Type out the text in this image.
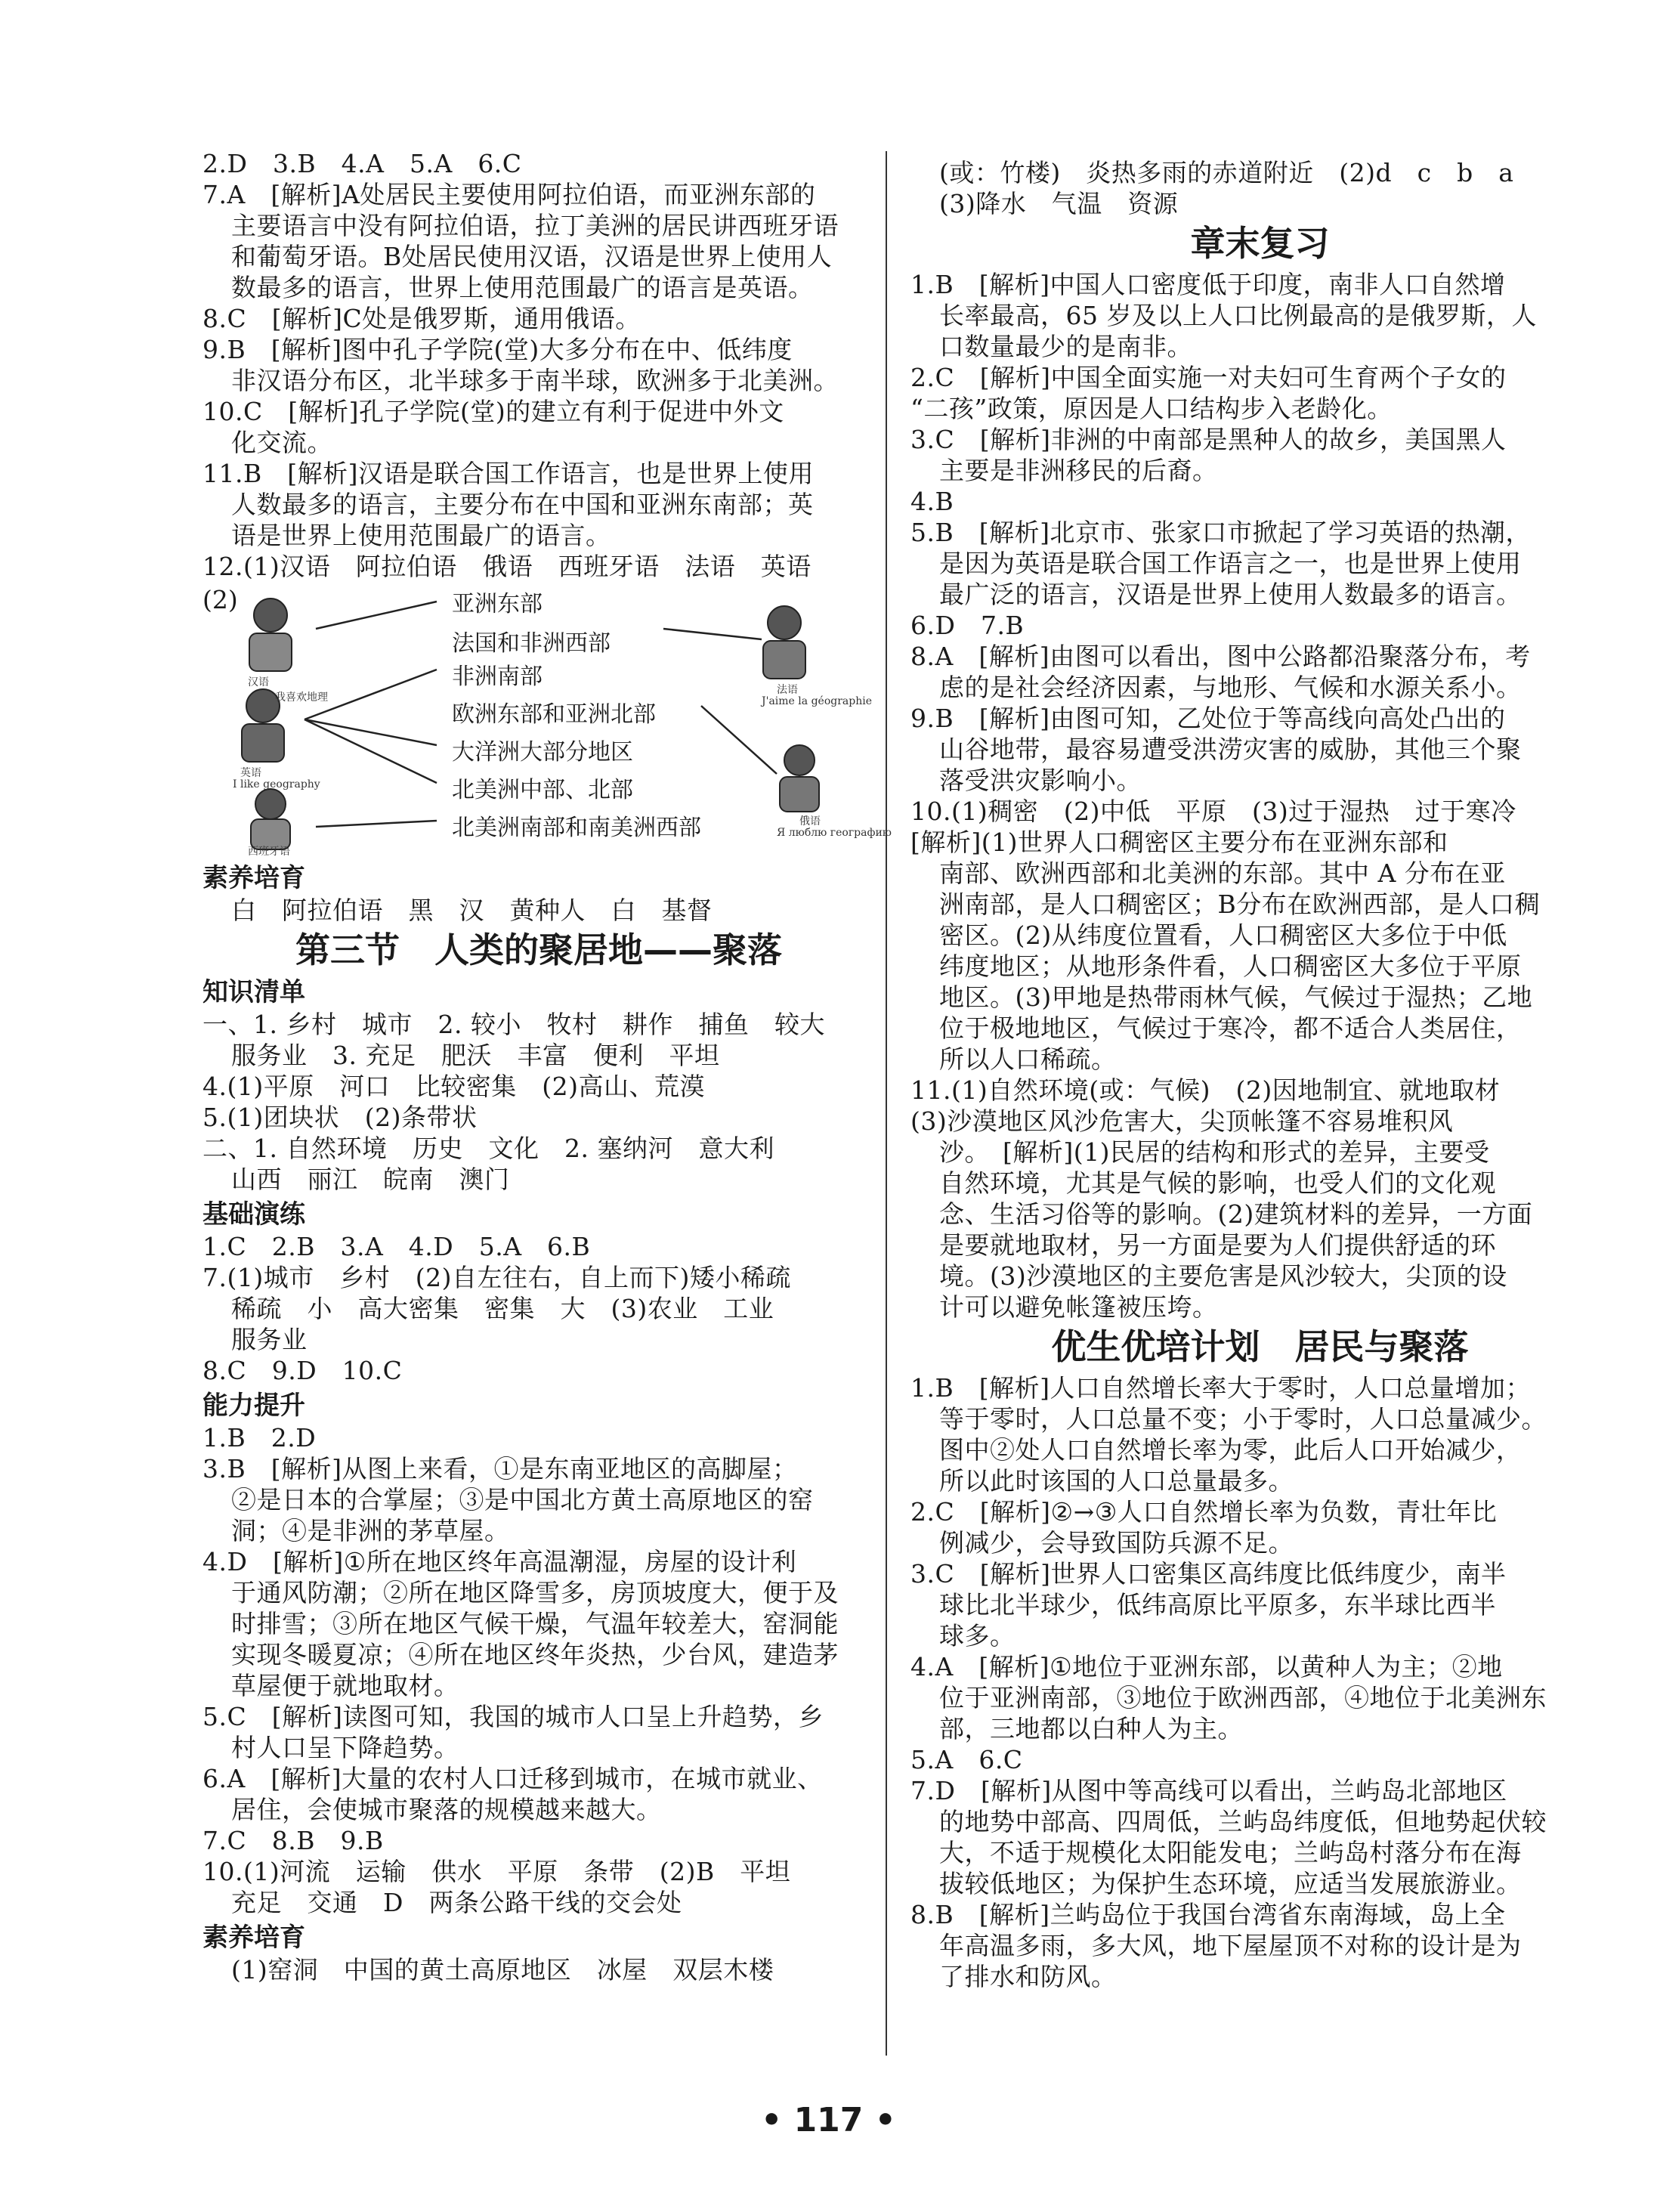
2.D　3.B　4.A　5.A　6.C
7.A　[解析]A处居民主要使用阿拉伯语，而亚洲东部的
主要语言中没有阿拉伯语，拉丁美洲的居民讲西班牙语
和葡萄牙语。B处居民使用汉语，汉语是世界上使用人
数最多的语言，世界上使用范围最广的语言是英语。
8.C　[解析]C处是俄罗斯，通用俄语。
9.B　[解析]图中孔子学院(堂)大多分布在中、低纬度
非汉语分布区，北半球多于南半球，欧洲多于北美洲。
10.C　[解析]孔子学院(堂)的建立有利于促进中外文
化交流。
11.B　[解析]汉语是联合国工作语言，也是世界上使用
人数最多的语言，主要分布在中国和亚洲东南部；英
语是世界上使用范围最广的语言。
12.(1)汉语　阿拉伯语　俄语　西班牙语　法语　英语
(2)	亚洲东部
法国和非洲西部
非洲南部
欧洲东部和亚洲北部
大洋洲大部分地区
北美洲中部、北部
北美洲南部和南美洲西部
汉语
我喜欢地理
法语
J'aime la géographie
英语
I like geography
西班牙语
俄语
Я люблю географию
素养培育
白　阿拉伯语　黑　汉　黄种人　白　基督
第三节　人类的聚居地——聚落
知识清单
一、1. 乡村　城市　2. 较小　牧村　耕作　捕鱼　较大
服务业　3. 充足　肥沃　丰富　便利　平坦
4.(1)平原　河口　比较密集　(2)高山、荒漠
5.(1)团块状　(2)条带状
二、1. 自然环境　历史　文化　2. 塞纳河　意大利
山西　丽江　皖南　澳门
基础演练
1.C　2.B　3.A　4.D　5.A　6.B
7.(1)城市　乡村　(2)自左往右，自上而下)矮小稀疏
稀疏　小　高大密集　密集　大　(3)农业　工业
服务业
8.C　9.D　10.C
能力提升
1.B　2.D
3.B　[解析]从图上来看，①是东南亚地区的高脚屋；
②是日本的合掌屋；③是中国北方黄土高原地区的窑
洞；④是非洲的茅草屋。
4.D　[解析]①所在地区终年高温潮湿，房屋的设计利
于通风防潮；②所在地区降雪多，房顶坡度大，便于及
时排雪；③所在地区气候干燥，气温年较差大，窑洞能
实现冬暖夏凉；④所在地区终年炎热，少台风，建造茅
草屋便于就地取材。
5.C　[解析]读图可知，我国的城市人口呈上升趋势，乡
村人口呈下降趋势。
6.A　[解析]大量的农村人口迁移到城市，在城市就业、
居住，会使城市聚落的规模越来越大。
7.C　8.B　9.B
10.(1)河流　运输　供水　平原　条带　(2)B　平坦
充足　交通　D　两条公路干线的交会处
素养培育
(1)窑洞　中国的黄土高原地区　冰屋　双层木楼
(或：竹楼)　炎热多雨的赤道附近　(2)d　c　b　a
(3)降水　气温　资源
章末复习
1.B　[解析]中国人口密度低于印度，南非人口自然增
长率最高，65 岁及以上人口比例最高的是俄罗斯，人
口数量最少的是南非。
2.C　[解析]中国全面实施一对夫妇可生育两个子女的
“二孩”政策，原因是人口结构步入老龄化。
3.C　[解析]非洲的中南部是黑种人的故乡，美国黑人
主要是非洲移民的后裔。
4.B
5.B　[解析]北京市、张家口市掀起了学习英语的热潮，
是因为英语是联合国工作语言之一，也是世界上使用
最广泛的语言，汉语是世界上使用人数最多的语言。
6.D　7.B
8.A　[解析]由图可以看出，图中公路都沿聚落分布，考
虑的是社会经济因素，与地形、气候和水源关系小。
9.B　[解析]由图可知，乙处位于等高线向高处凸出的
山谷地带，最容易遭受洪涝灾害的威胁，其他三个聚
落受洪灾影响小。
10.(1)稠密　(2)中低　平原　(3)过于湿热　过于寒冷
[解析](1)世界人口稠密区主要分布在亚洲东部和
南部、欧洲西部和北美洲的东部。其中 A 分布在亚
洲南部，是人口稠密区；B分布在欧洲西部，是人口稠
密区。(2)从纬度位置看，人口稠密区大多位于中低
纬度地区；从地形条件看，人口稠密区大多位于平原
地区。(3)甲地是热带雨林气候，气候过于湿热；乙地
位于极地地区，气候过于寒冷，都不适合人类居住，
所以人口稀疏。
11.(1)自然环境(或：气候)　(2)因地制宜、就地取材
(3)沙漠地区风沙危害大，尖顶帐篷不容易堆积风
沙。　[解析](1)民居的结构和形式的差异，主要受
自然环境，尤其是气候的影响，也受人们的文化观
念、生活习俗等的影响。(2)建筑材料的差异，一方面
是要就地取材，另一方面是要为人们提供舒适的环
境。(3)沙漠地区的主要危害是风沙较大，尖顶的设
计可以避免帐篷被压垮。
优生优培计划　居民与聚落
1.B　[解析]人口自然增长率大于零时，人口总量增加；
等于零时，人口总量不变；小于零时，人口总量减少。
图中②处人口自然增长率为零，此后人口开始减少，
所以此时该国的人口总量最多。
2.C　[解析]②→③人口自然增长率为负数，青壮年比
例减少，会导致国防兵源不足。
3.C　[解析]世界人口密集区高纬度比低纬度少，南半
球比北半球少，低纬高原比平原多，东半球比西半
球多。
4.A　[解析]①地位于亚洲东部，以黄种人为主；②地
位于亚洲南部，③地位于欧洲西部，④地位于北美洲东
部，三地都以白种人为主。
5.A　6.C
7.D　[解析]从图中等高线可以看出，兰屿岛北部地区
的地势中部高、四周低，兰屿岛纬度低，但地势起伏较
大，不适于规模化太阳能发电；兰屿岛村落分布在海
拔较低地区；为保护生态环境，应适当发展旅游业。
8.B　[解析]兰屿岛位于我国台湾省东南海域，岛上全
年高温多雨，多大风，地下屋屋顶不对称的设计是为
了排水和防风。
• 117 •
